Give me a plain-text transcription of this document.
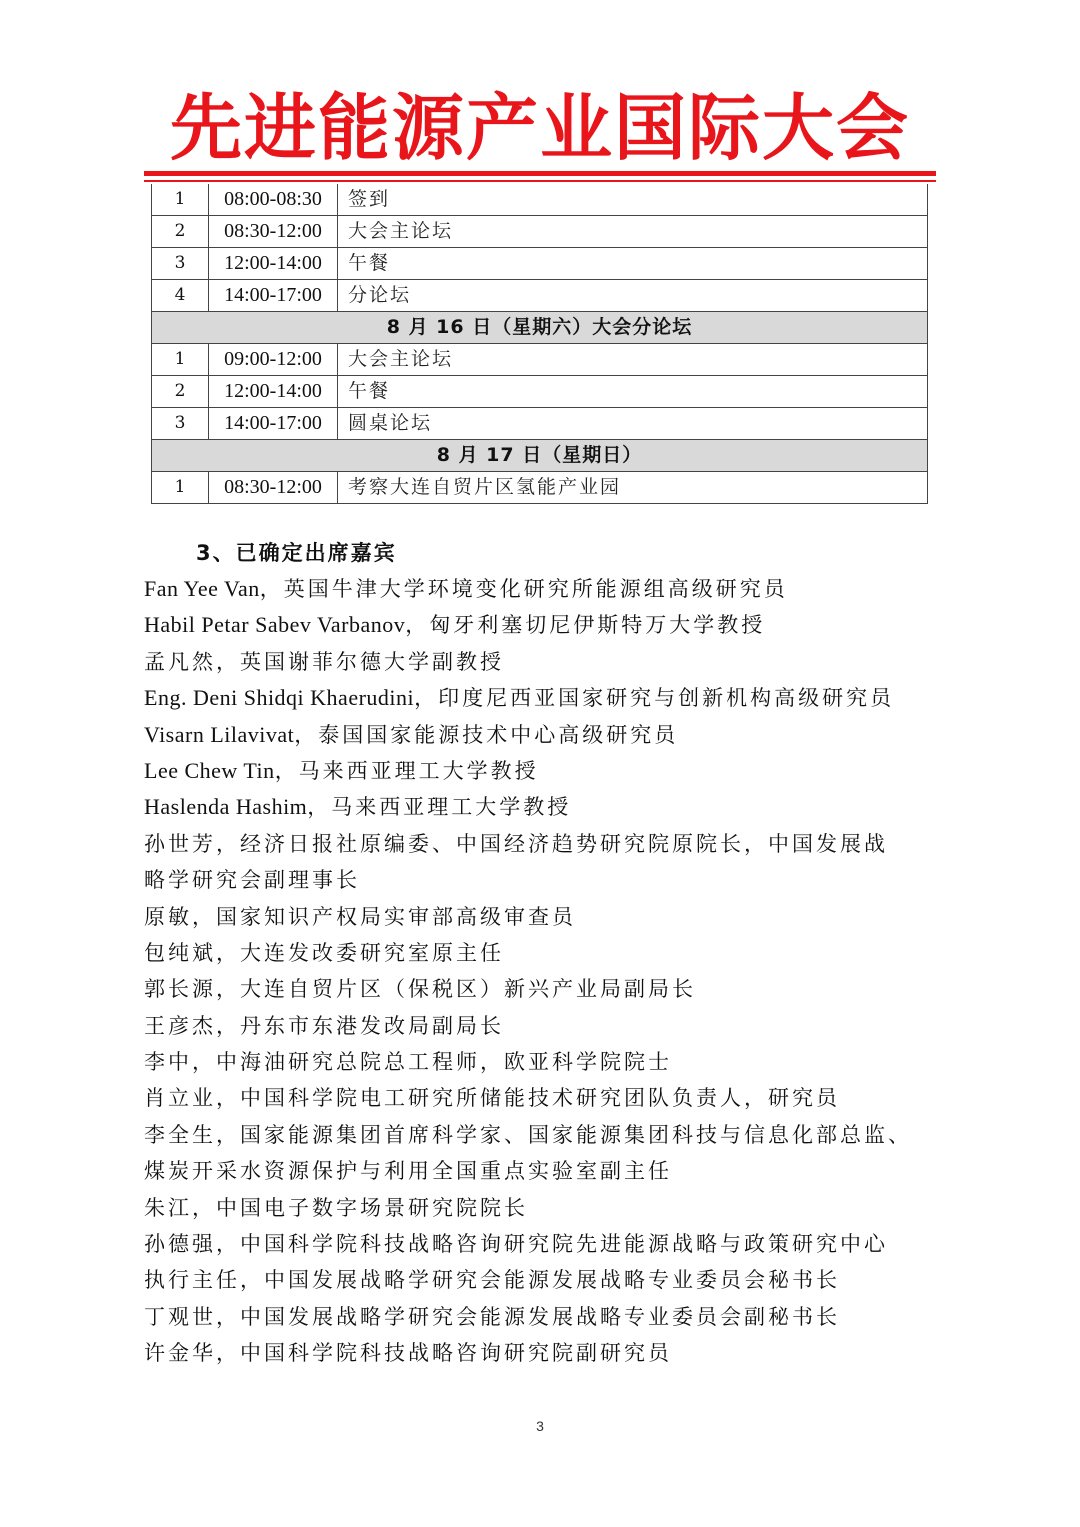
先进能源产业国际大会
1	08:00-08:30	签到
2	08:30-12:00	大会主论坛
3	12:00-14:00	午餐
4	14:00-17:00	分论坛
8 月 16 日（星期六）大会分论坛		
1	09:00-12:00	大会主论坛
2	12:00-14:00	午餐
3	14:00-17:00	圆桌论坛
8 月 17 日（星期日）		
1	08:30-12:00	考察大连自贸片区氢能产业园
3、已确定出席嘉宾
Fan Yee Van，英国牛津大学环境变化研究所能源组高级研究员
Habil Petar Sabev Varbanov，匈牙利塞切尼伊斯特万大学教授
孟凡然，英国谢菲尔德大学副教授
Eng. Deni Shidqi Khaerudini，印度尼西亚国家研究与创新机构高级研究员
Visarn Lilavivat，泰国国家能源技术中心高级研究员
Lee Chew Tin，马来西亚理工大学教授
Haslenda Hashim，马来西亚理工大学教授
孙世芳，经济日报社原编委、中国经济趋势研究院原院长，中国发展战
略学研究会副理事长
原敏，国家知识产权局实审部高级审查员
包纯斌，大连发改委研究室原主任
郭长源，大连自贸片区（保税区）新兴产业局副局长
王彦杰，丹东市东港发改局副局长
李中，中海油研究总院总工程师，欧亚科学院院士
肖立业，中国科学院电工研究所储能技术研究团队负责人，研究员
李全生，国家能源集团首席科学家、国家能源集团科技与信息化部总监、
煤炭开采水资源保护与利用全国重点实验室副主任
朱江，中国电子数字场景研究院院长
孙德强，中国科学院科技战略咨询研究院先进能源战略与政策研究中心
执行主任，中国发展战略学研究会能源发展战略专业委员会秘书长
丁观世，中国发展战略学研究会能源发展战略专业委员会副秘书长
许金华，中国科学院科技战略咨询研究院副研究员
3
